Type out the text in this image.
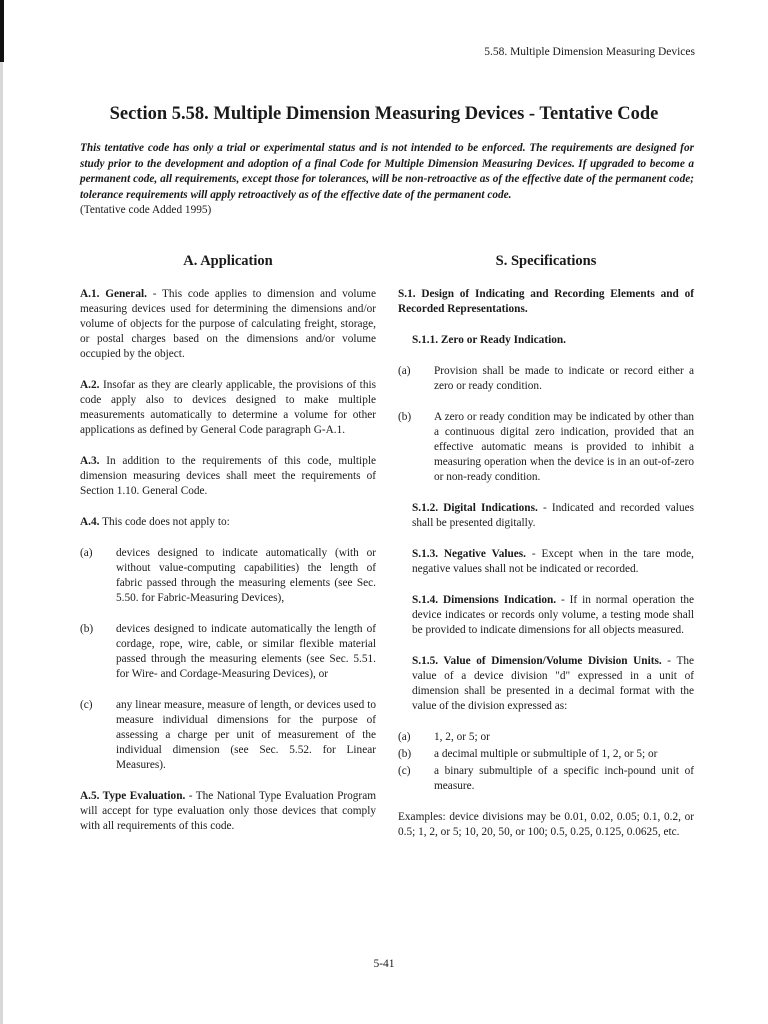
5.58. Multiple Dimension Measuring Devices
Section 5.58. Multiple Dimension Measuring Devices - Tentative Code

This tentative code has only a trial or experimental status and is not intended to be enforced. The requirements are designed for study prior to the development and adoption of a final Code for Multiple Dimension Measuring Devices. If upgraded to become a permanent code, all requirements, except those for tolerances, will be non-retroactive as of the effective date of the permanent code; tolerance requirements will apply retroactively as of the effective date of the permanent code.

(Tentative code Added 1995)

A. Application

A.1. General. - This code applies to dimension and volume measuring devices used for determining the dimensions and/or volume of objects for the purpose of calculating freight, storage, or postal charges based on the dimensions and/or volume occupied by the object.

A.2. Insofar as they are clearly applicable, the provisions of this code apply also to devices designed to make multiple measurements automatically to determine a volume for other applications as defined by General Code paragraph G-A.1.

A.3. In addition to the requirements of this code, multiple dimension measuring devices shall meet the requirements of Section 1.10. General Code.

A.4. This code does not apply to:

(a)	devices designed to indicate automatically (with or without value-computing capabilities) the length of fabric passed through the measuring elements (see Sec. 5.50. for Fabric-Measuring Devices),
(b)	devices designed to indicate automatically the length of cordage, rope, wire, cable, or similar flexible material passed through the measuring elements (see Sec. 5.51. for Wire- and Cordage-Measuring Devices), or
(c)	any linear measure, measure of length, or devices used to measure individual dimensions for the purpose of assessing a charge per unit of measurement of the individual dimension (see Sec. 5.52. for Linear Measures).

A.5. Type Evaluation. - The National Type Evaluation Program will accept for type evaluation only those devices that comply with all requirements of this code.

S. Specifications

S.1. Design of Indicating and Recording Elements and of Recorded Representations.

S.1.1. Zero or Ready Indication.

(a)	Provision shall be made to indicate or record either a zero or ready condition.
(b)	A zero or ready condition may be indicated by other than a continuous digital zero indication, provided that an effective automatic means is provided to inhibit a measuring operation when the device is in an out-of-zero or non-ready condition.

S.1.2. Digital Indications. - Indicated and recorded values shall be presented digitally.

S.1.3. Negative Values. - Except when in the tare mode, negative values shall not be indicated or recorded.

S.1.4. Dimensions Indication. - If in normal operation the device indicates or records only volume, a testing mode shall be provided to indicate dimensions for all objects measured.

S.1.5. Value of Dimension/Volume Division Units. - The value of a device division "d" expressed in a unit of dimension shall be presented in a decimal format with the value of the division expressed as:

(a)	1, 2, or 5; or
(b)	a decimal multiple or submultiple of 1, 2, or 5; or
(c)	a binary submultiple of a specific inch-pound unit of measure.

Examples: device divisions may be 0.01, 0.02, 0.05; 0.1, 0.2, or 0.5; 1, 2, or 5; 10, 20, 50, or 100; 0.5, 0.25, 0.125, 0.0625, etc.

5-41
